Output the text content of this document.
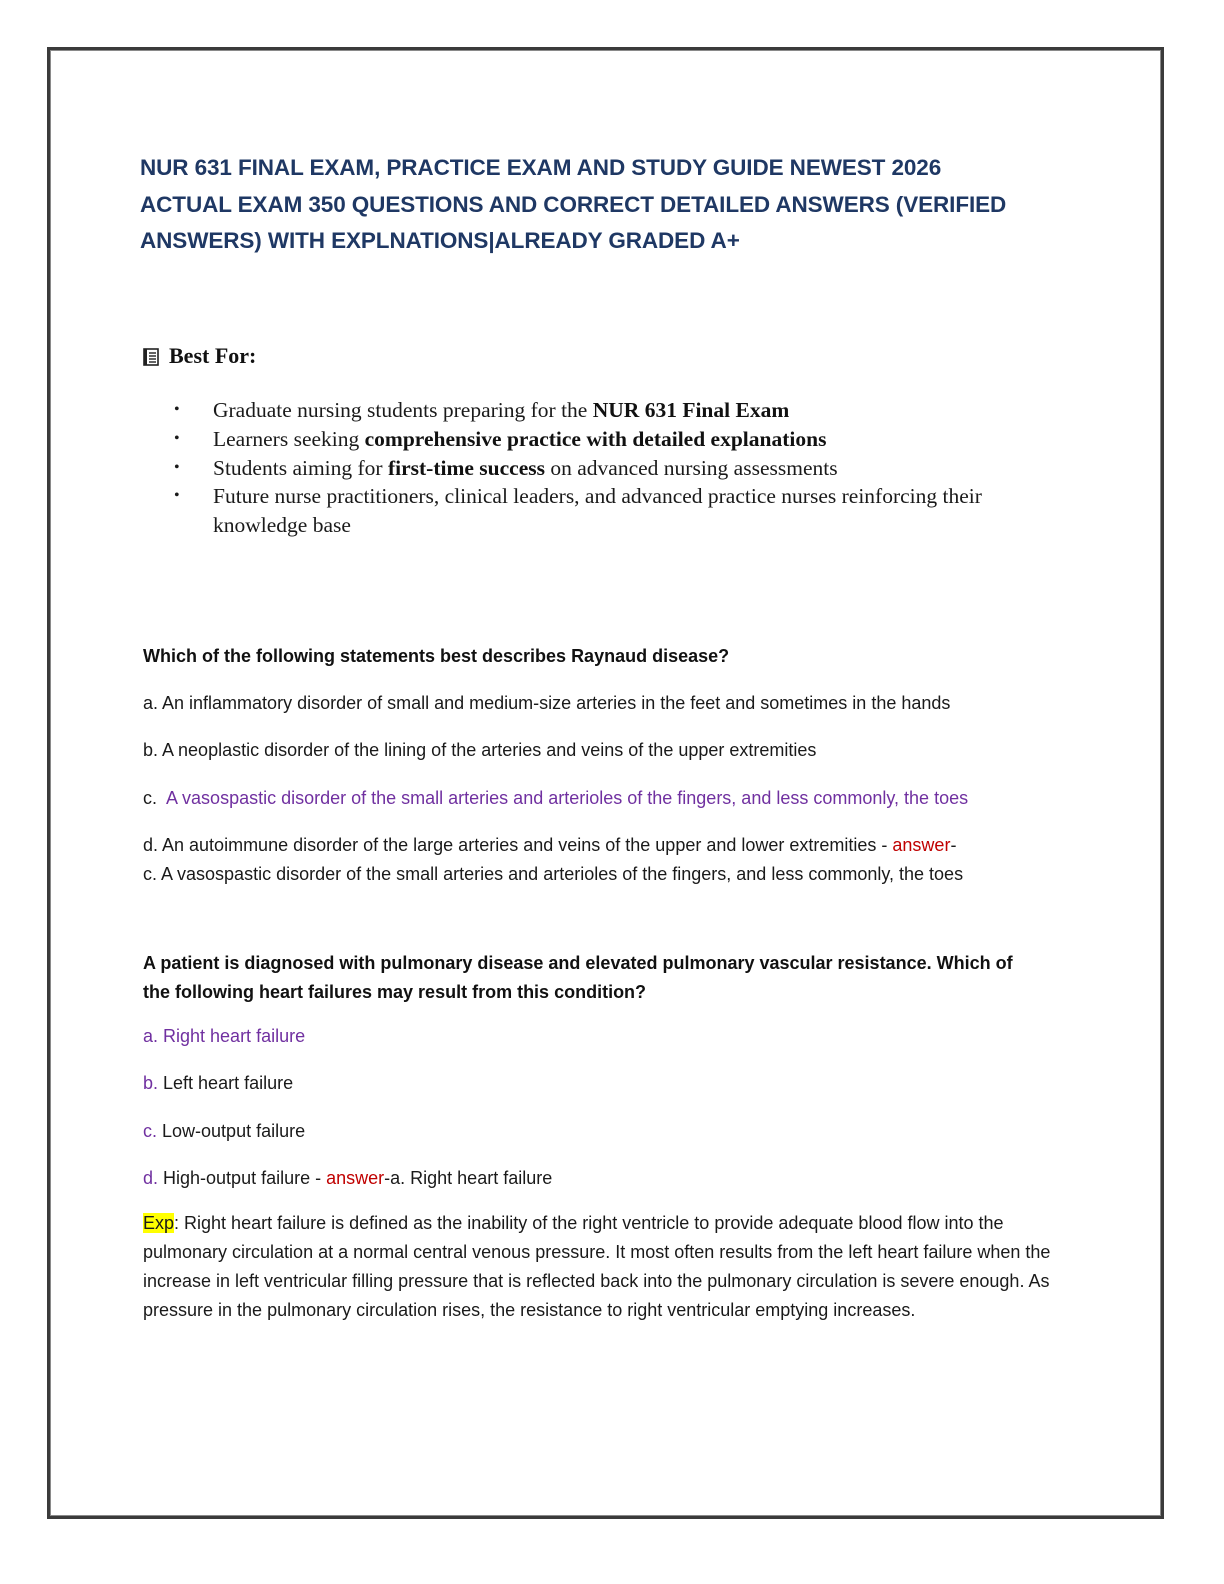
NUR 631 FINAL EXAM, PRACTICE EXAM AND STUDY GUIDE NEWEST 2026
ACTUAL EXAM 350 QUESTIONS AND CORRECT DETAILED ANSWERS (VERIFIED
ANSWERS) WITH EXPLNATIONS|ALREADY GRADED A+
Best For:
• Graduate nursing students preparing for the NUR 631 Final Exam
• Learners seeking comprehensive practice with detailed explanations
• Students aiming for first-time success on advanced nursing assessments
• Future nurse practitioners, clinical leaders, and advanced practice nurses reinforcing their knowledge base

Which of the following statements best describes Raynaud disease?

a. An inflammatory disorder of small and medium-size arteries in the feet and sometimes in the hands

b. A neoplastic disorder of the lining of the arteries and veins of the upper extremities

c. A vasospastic disorder of the small arteries and arterioles of the fingers, and less commonly, the toes

d. An autoimmune disorder of the large arteries and veins of the upper and lower extremities - answer-

c. A vasospastic disorder of the small arteries and arterioles of the fingers, and less commonly, the toes

A patient is diagnosed with pulmonary disease and elevated pulmonary vascular resistance. Which of
the following heart failures may result from this condition?

a. Right heart failure

b. Left heart failure

c. Low-output failure

d. High-output failure - answer-a. Right heart failure

Exp: Right heart failure is defined as the inability of the right ventricle to provide adequate blood flow into the pulmonary circulation at a normal central venous pressure. It most often results from the left heart failure when the increase in left ventricular filling pressure that is reflected back into the pulmonary circulation is severe enough. As pressure in the pulmonary circulation rises, the resistance to right ventricular emptying increases.
